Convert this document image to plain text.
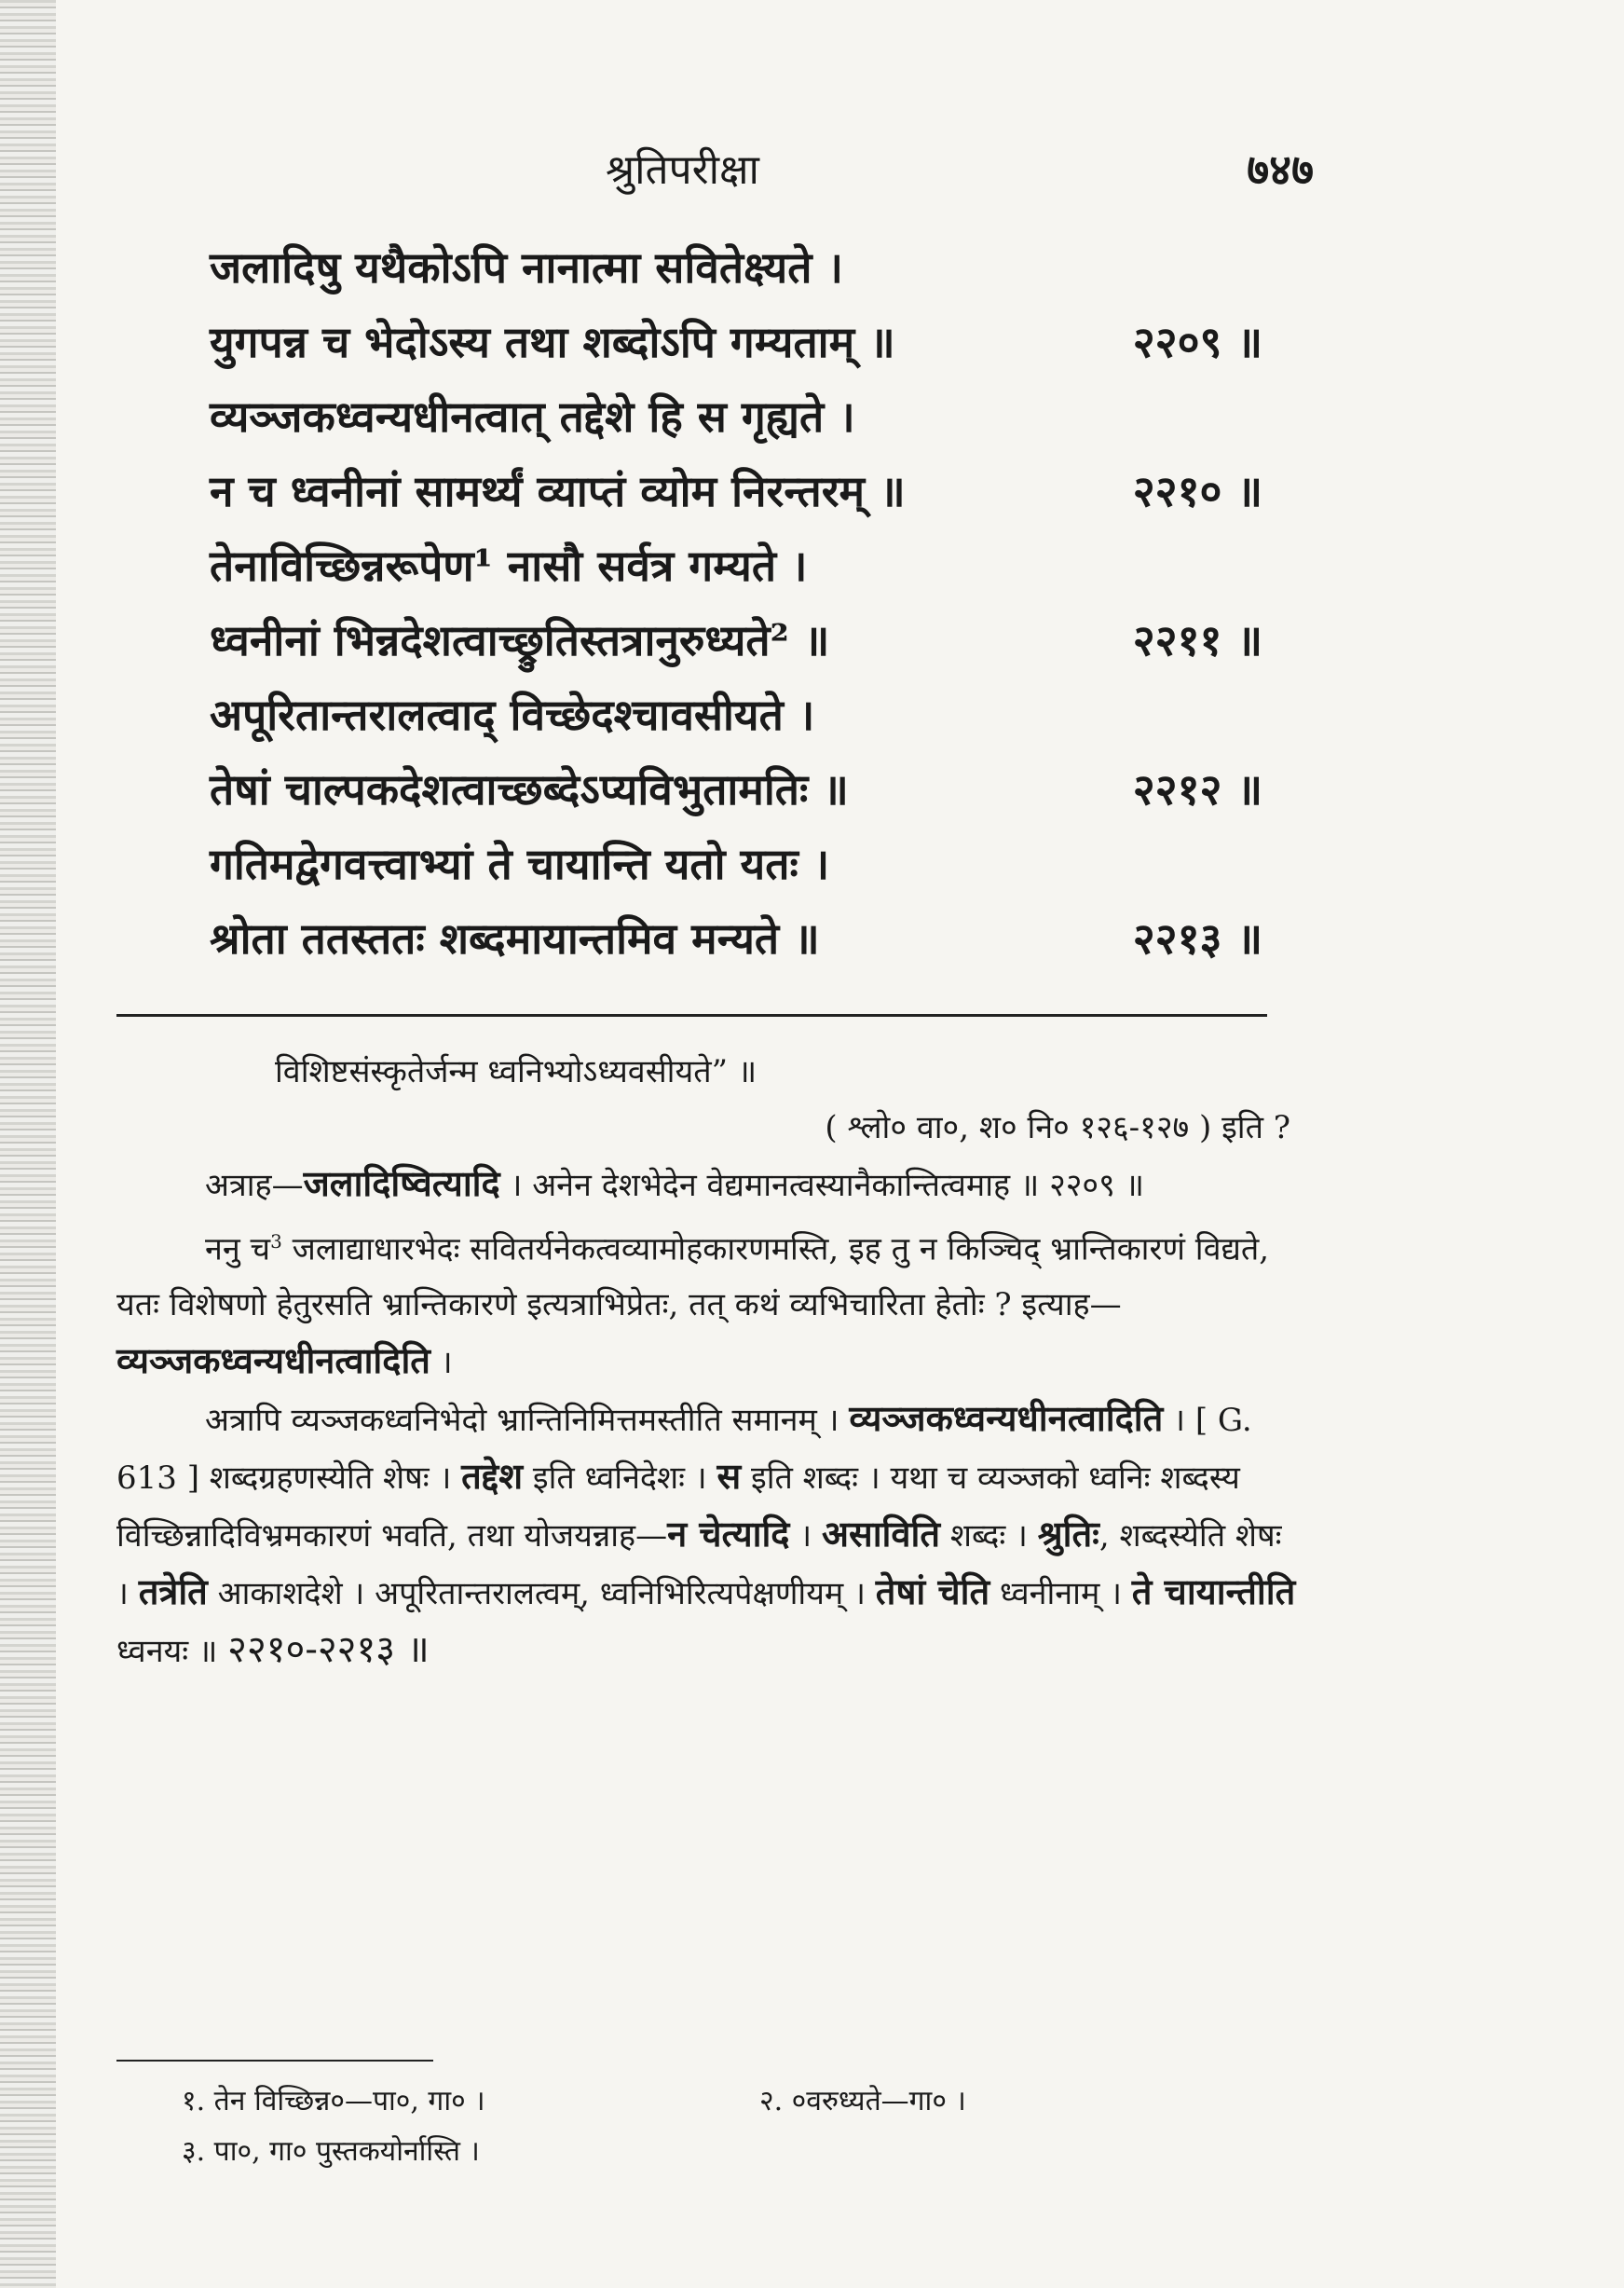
श्रुतिपरीक्षा	७४७
जलादिषु यथैकोऽपि नानात्मा सवितेक्ष्यते ।
युगपन्न च भेदोऽस्य तथा शब्दोऽपि गम्यताम् ॥	२२०९ ॥
व्यञ्जकध्वन्यधीनत्वात् तद्देशे हि स गृह्यते ।
न च ध्वनीनां सामर्थ्यं व्याप्तं व्योम निरन्तरम् ॥	२२१० ॥
तेनाविच्छिन्नरूपेण¹ नासौ सर्वत्र गम्यते ।
ध्वनीनां भिन्नदेशत्वाच्छ्रुतिस्तत्रानुरुध्यते² ॥	२२११ ॥
अपूरितान्तरालत्वाद् विच्छेदश्चावसीयते ।
तेषां चाल्पकदेशत्वाच्छब्देऽप्यविभुतामतिः ॥	२२१२ ॥
गतिमद्वेगवत्त्वाभ्यां ते चायान्ति यतो यतः ।
श्रोता ततस्ततः शब्दमायान्तमिव मन्यते ॥	२२१३ ॥

विशिष्टसंस्कृतेर्जन्म ध्वनिभ्योऽध्यवसीयते” ॥

( श्लो० वा०, श० नि० १२६-१२७ ) इति ?

अत्राह—जलादिष्वित्यादि । अनेन देशभेदेन वेद्यमानत्वस्यानैकान्तित्वमाह ॥ २२०९ ॥

ननु च$^3$ जलाद्याधारभेदः सवितर्यनेकत्वव्यामोहकारणमस्ति, इह तु न किञ्चिद् भ्रान्तिकारणं विद्यते, यतः विशेषणो हेतुरसति भ्रान्तिकारणे इत्यत्राभिप्रेतः, तत् कथं व्यभिचारिता हेतोः ? इत्याह—व्यञ्जकध्वन्यधीनत्वादिति ।

अत्रापि व्यञ्जकध्वनिभेदो भ्रान्तिनिमित्तमस्तीति समानम् । व्यञ्जकध्वन्यधीनत्वादिति । [ G. 613 ] शब्दग्रहणस्येति शेषः । तद्देश इति ध्वनिदेशः । स इति शब्दः । यथा च व्यञ्जको ध्वनिः शब्दस्य विच्छिन्नादिविभ्रमकारणं भवति, तथा योजयन्नाह—न चेत्यादि । असाविति शब्दः । श्रुतिः, शब्दस्येति शेषः । तत्रेति आकाशदेशे । अपूरितान्तरालत्वम्, ध्वनिभिरित्यपेक्षणीयम् । तेषां चेति ध्वनीनाम् । ते चायान्तीति ध्वनयः ॥ २२१०-२२१३ ॥

१. तेन विच्छिन्न०—पा०, गा० ।	२. ०वरुध्यते—गा० ।
३. पा०, गा० पुस्तकयोर्नास्ति ।
